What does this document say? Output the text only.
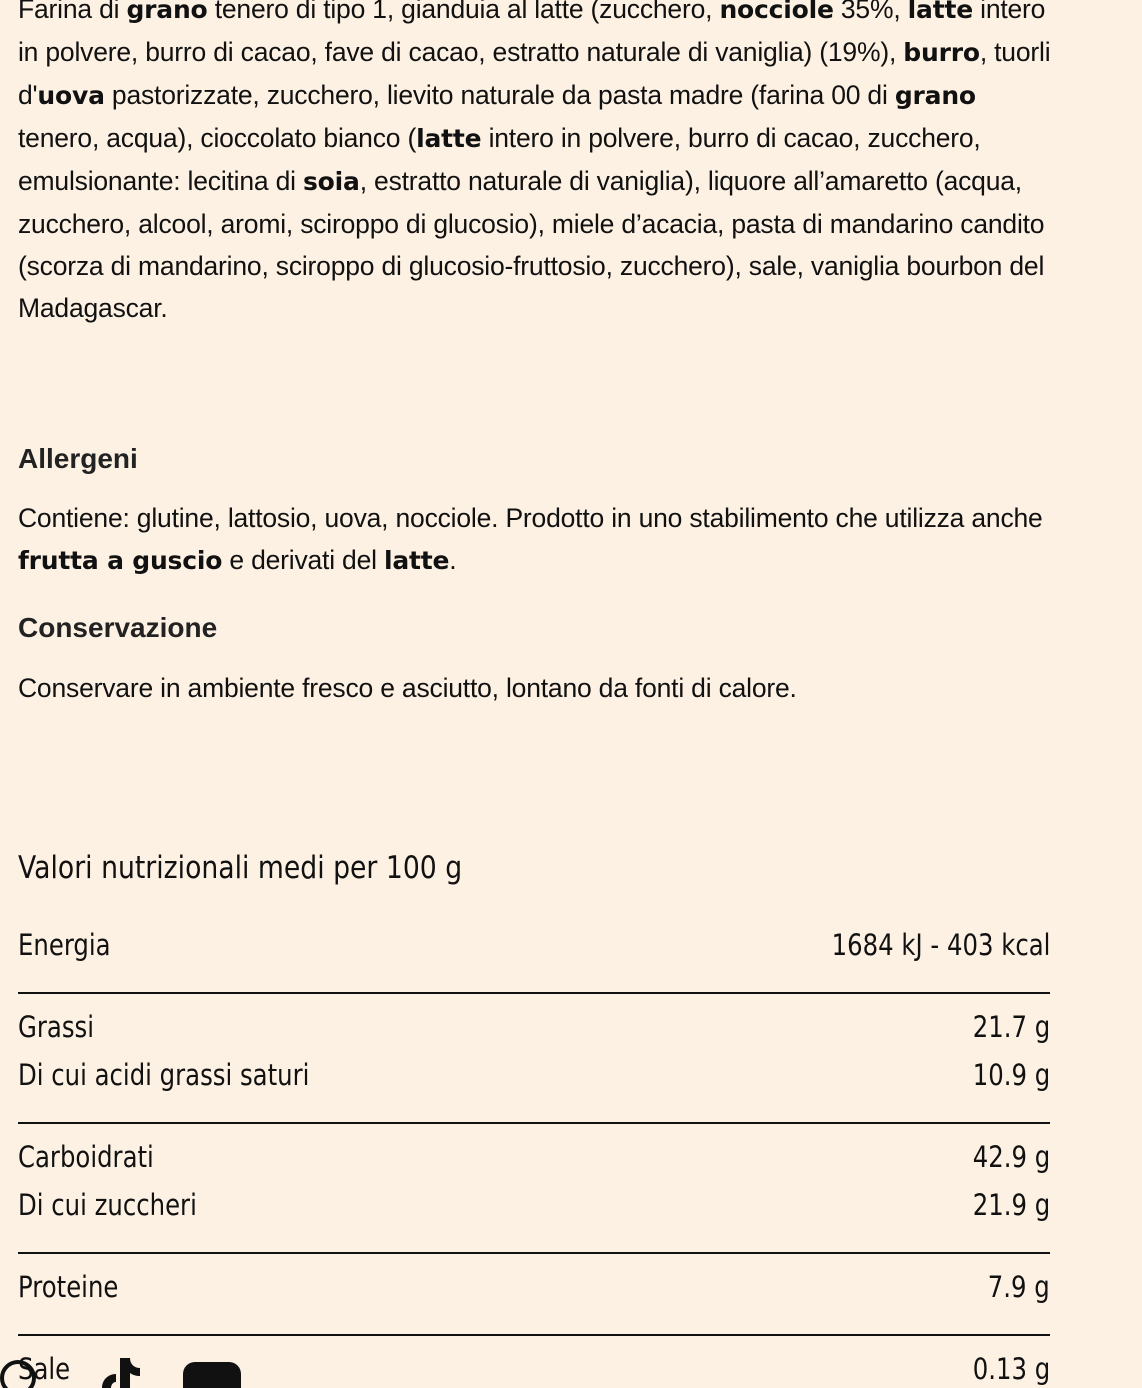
Farina di grano tenero di tipo 1, gianduia al latte (zucchero, nocciole 35%, latte intero in polvere, burro di cacao, fave di cacao, estratto naturale di vaniglia) (19%), burro, tuorli d'uova pastorizzate, zucchero, lievito naturale da pasta madre (farina 00 di grano tenero, acqua), cioccolato bianco (latte intero in polvere, burro di cacao, zucchero, emulsionante: lecitina di soia, estratto naturale di vaniglia), liquore all’amaretto (acqua, zucchero, alcool, aromi, sciroppo di glucosio), miele d’acacia, pasta di mandarino candito (scorza di mandarino, sciroppo di glucosio-fruttosio, zucchero), sale, vaniglia bourbon del Madagascar.

Allergeni

Contiene: glutine, lattosio, uova, nocciole. Prodotto in uno stabilimento che utilizza anche frutta a guscio e derivati del latte.

Conservazione

Conservare in ambiente fresco e asciutto, lontano da fonti di calore.

Valori nutrizionali medi per 100 g
Energia	1684 kJ - 403 kcal
Grassi	21.7 g
Di cui acidi grassi saturi	10.9 g
Carboidrati	42.9 g
Di cui zuccheri	21.9 g
Proteine	7.9 g
Sale	0.13 g
